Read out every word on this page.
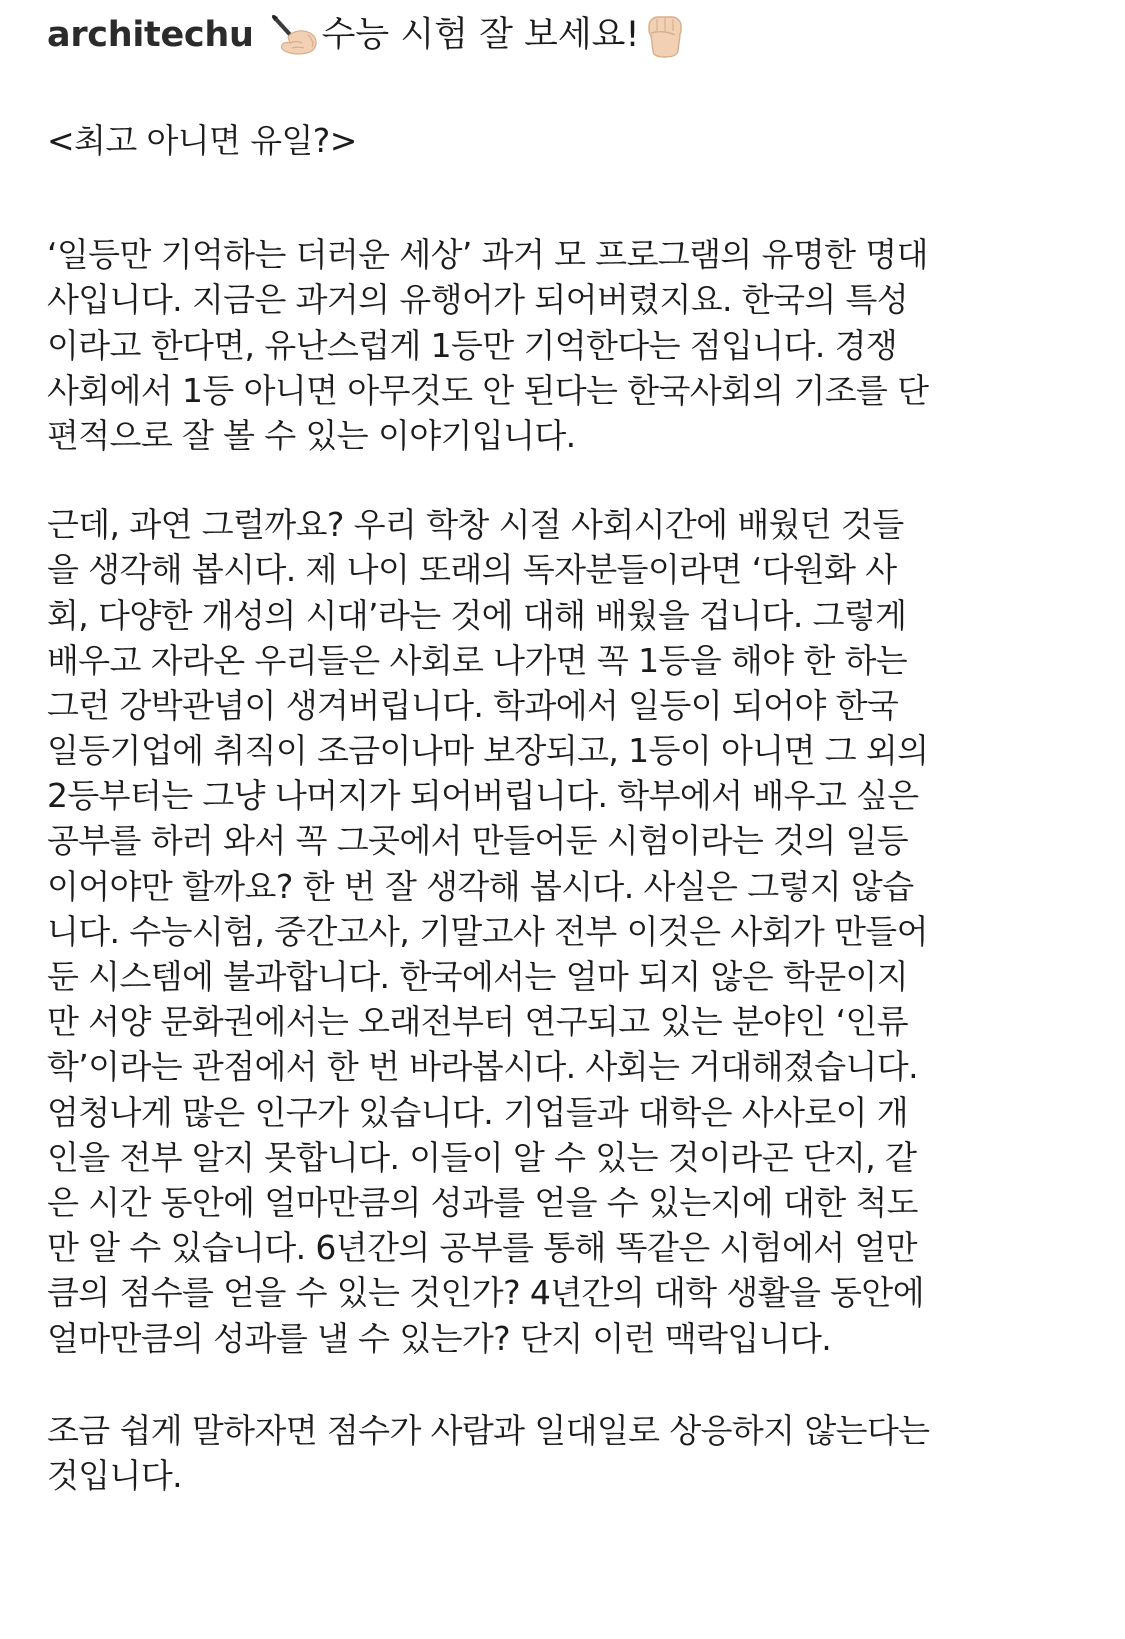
architechu 수능 시험 잘 보세요!

<최고 아니면 유일?>

‘일등만 기억하는 더러운 세상’ 과거 모 프로그램의 유명한 명대
사입니다. 지금은 과거의 유행어가 되어버렸지요. 한국의 특성
이라고 한다면, 유난스럽게 1등만 기억한다는 점입니다. 경쟁
사회에서 1등 아니면 아무것도 안 된다는 한국사회의 기조를 단
편적으로 잘 볼 수 있는 이야기입니다.
근데, 과연 그럴까요? 우리 학창 시절 사회시간에 배웠던 것들
을 생각해 봅시다. 제 나이 또래의 독자분들이라면 ‘다원화 사
회, 다양한 개성의 시대’라는 것에 대해 배웠을 겁니다. 그렇게
배우고 자라온 우리들은 사회로 나가면 꼭 1등을 해야 한 하는
그런 강박관념이 생겨버립니다. 학과에서 일등이 되어야 한국
일등기업에 취직이 조금이나마 보장되고, 1등이 아니면 그 외의
2등부터는 그냥 나머지가 되어버립니다. 학부에서 배우고 싶은
공부를 하러 와서 꼭 그곳에서 만들어둔 시험이라는 것의 일등
이어야만 할까요? 한 번 잘 생각해 봅시다. 사실은 그렇지 않습
니다. 수능시험, 중간고사, 기말고사 전부 이것은 사회가 만들어
둔 시스템에 불과합니다. 한국에서는 얼마 되지 않은 학문이지
만 서양 문화권에서는 오래전부터 연구되고 있는 분야인 ‘인류
학’이라는 관점에서 한 번 바라봅시다. 사회는 거대해졌습니다.
엄청나게 많은 인구가 있습니다. 기업들과 대학은 사사로이 개
인을 전부 알지 못합니다. 이들이 알 수 있는 것이라곤 단지, 같
은 시간 동안에 얼마만큼의 성과를 얻을 수 있는지에 대한 척도
만 알 수 있습니다. 6년간의 공부를 통해 똑같은 시험에서 얼만
큼의 점수를 얻을 수 있는 것인가? 4년간의 대학 생활을 동안에
얼마만큼의 성과를 낼 수 있는가? 단지 이런 맥락입니다.
조금 쉽게 말하자면 점수가 사람과 일대일로 상응하지 않는다는
것입니다.
